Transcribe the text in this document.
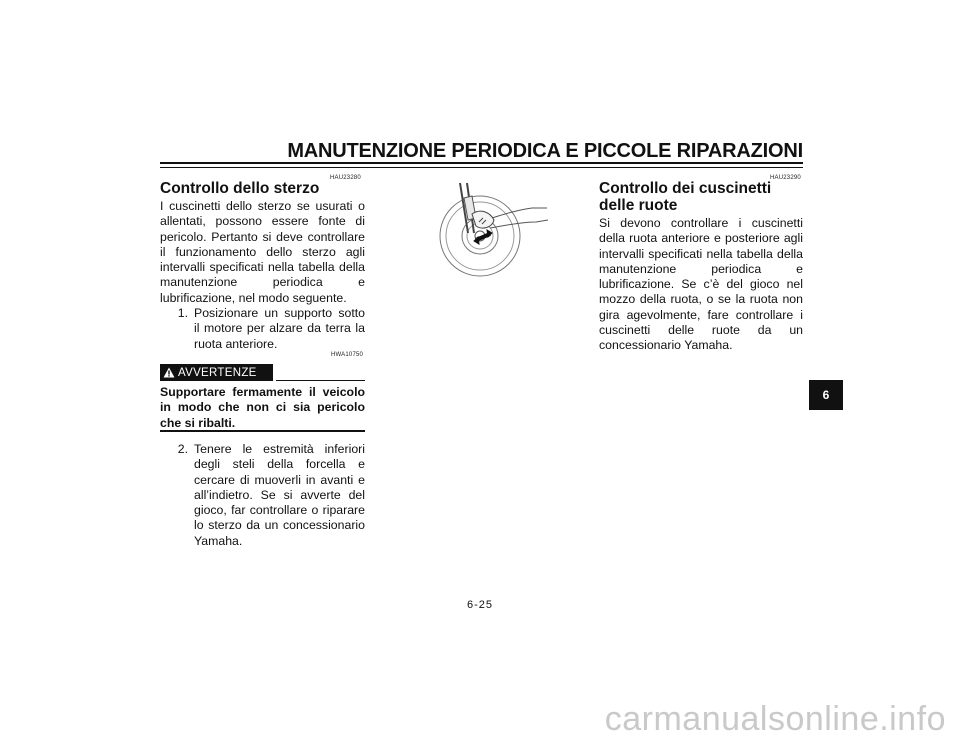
MANUTENZIONE PERIODICA E PICCOLE RIPARAZIONI
HAU23280
Controllo dello sterzo

I cuscinetti dello sterzo se usurati o allentati, possono essere fonte di pericolo. Pertanto si deve controllare il funzionamento dello sterzo agli intervalli specificati nella tabella della manutenzione periodica e lubrificazione, nel modo seguente.

1. Posizionare un supporto sotto il motore per alzare da terra la ruota anteriore.
HWA10750
AVVERTENZE
Supportare fermamente il veicolo in modo che non ci sia pericolo che si ribalti.
2. Tenere le estremità inferiori degli steli della forcella e cercare di muoverli in avanti e all’indietro. Se si avverte del gioco, far controllare o riparare lo sterzo da un concessionario Yamaha.
HAU23290
Controllo dei cuscinetti delle ruote

Si devono controllare i cuscinetti della ruota anteriore e posteriore agli intervalli specificati nella tabella della manutenzione periodica e lubrificazione. Se c’è del gioco nel mozzo della ruota, o se la ruota non gira agevolmente, fare controllare i cuscinetti delle ruote da un concessionario Yamaha.

6
6-25
carmanualsonline.info
